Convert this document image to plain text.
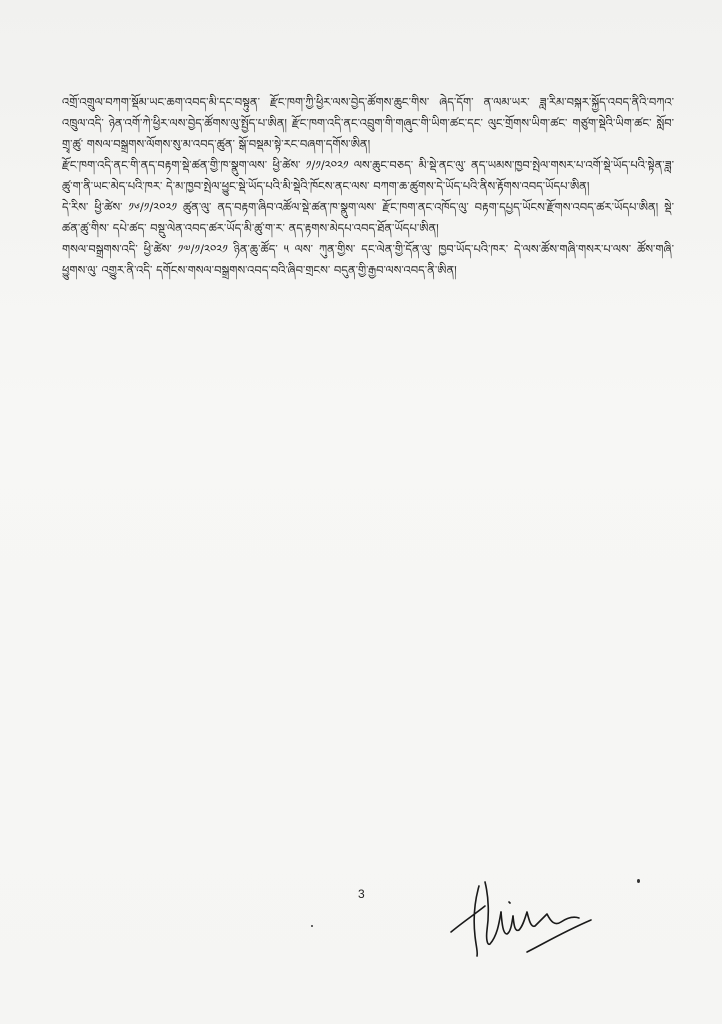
འགྲོ་འགྲུལ་བཀག་སྡོམ་ཡང་ཆག་འབད་མི་དང་བསྟུན་ རྫོང་ཁག་ཀྱི་ཕྱིར་ལས་བྱེད་ཚོགས་ཆུང་གིས་ ཞེད་དོག་ ན་ལམ་ཡར་ ཟླ་རིམ་བསྐར་སྐྱོད་འབད་ནིའི་བཀའ་འཁྲུལ་འདི་ ཉེན་འགོ་ཀེ་ཕྱིར་ལས་བྱེད་ཚོགས་ལུ་སྤྱོད་པ་ཨིན། རྫོང་ཁག་འདི་ནང་འབྲུག་གི་གཞུང་གི་ཡིག་ཚང་དང་ ལུང་གྲོགས་ཡིག་ཚང་ གཙུག་སྡེའི་ཡིག་ཚང་ སློབ་གྲྭ་ཚུ་ གསལ་བསྒྲགས་ལོགས་སུ་མ་འབད་ཚུན་ སྒོ་བསྡམ་སྟེ་རང་བཞག་དགོས་ཨིན།

རྫོང་ཁག་འདི་ནང་གི་ནད་བརྟག་སྡེ་ཚན་གྱི་ཁ་སྣུག་ལས་ ཕྱི་ཚེས་ ༡/༡/༢༠༢༡ ལས་ཆུང་བཅད་ མི་སྡེ་ནང་ལུ་ ནད་ཡམས་ཁྱབ་སྤེལ་གསར་པ་འགོ་སྡེ་ཡོད་པའི་སྟེན་ཟླ་ཚུ་ག་ནི་ཡང་མེད་པའི་ཁར་ དེ་མ་ཁྱབ་སྤེལ་ཕྱུང་སྡེ་ཡོད་པའི་མི་སྡེའི་ཁོངས་ནང་ལས་ བཀག་ཆ་ཚུགས་དེ་ཡོད་པའི་ནིས་རྟོགས་འབད་ཡོདཔ་ཨིན།

དེ་རིས་ ཕྱི་ཚེས་ ༡༦/༡/༢༠༢༡ ཚུན་ལུ་ ནད་བརྟག་ཞིབ་འཚོལ་སྡེ་ཚན་ཁ་སྣུག་ལས་ རྫོང་ཁག་ནང་འཁོད་ལུ་ བརྟག་དཔྱད་ཡོངས་རྫོགས་འབད་ཚར་ཡོདཔ་ཨིན། སྡེ་ཚན་ཚུ་གིས་ དཔེ་ཚད་ བསྡུ་ལེན་འབད་ཚར་ཡོད་མི་ཚུ་ག་ར་ ནད་རྟགས་མེདཔ་འབད་ཐོན་ཡོདཔ་ཨིན།

གསལ་བསྒྲགས་འདི་ ཕྱི་ཚེས་ ༡༧/༡/༢༠༢༡ ཉིན་ཆུ་ཚོད་ ༥ ལས་ ཀུན་གྱིས་ དང་ལེན་གྱི་དོན་ལུ་ ཁྱབ་ཡོད་པའི་ཁར་ དེ་ལས་ཚོས་གཞི་གསར་པ་ལས་ ཚོས་གཞི་ཕྱུགས་ལུ་ འགྱུར་ནི་འདི་ དགོངས་གསལ་བསྒྲགས་འབད་བའི་ཞིབ་གྲངས་ བདུན་གྱི་རྒྱབ་ལས་འབད་ནི་ཨིན།

3
